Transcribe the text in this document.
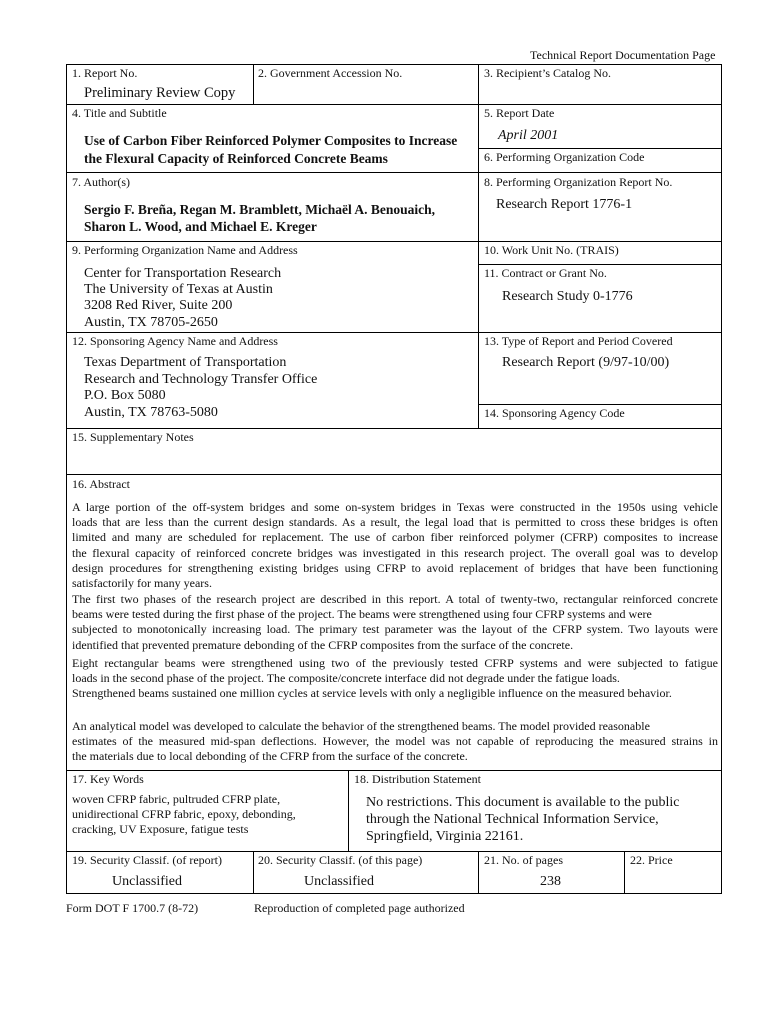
Technical Report Documentation Page
1. Report No.
Preliminary Review Copy
2. Government Accession No.	3. Recipient’s Catalog No.
4. Title and Subtitle
Use of Carbon Fiber Reinforced Polymer Composites to Increase
the Flexural Capacity of Reinforced Concrete Beams
5. Report Date
April 2001
6. Performing Organization Code
7. Author(s)
Sergio F. Breña, Regan M. Bramblett, Michaël A. Benouaich,
Sharon L. Wood, and Michael E. Kreger
8. Performing Organization Report No.
Research Report 1776-1
9. Performing Organization Name and Address
Center for Transportation Research
The University of Texas at Austin
3208 Red River, Suite 200
Austin, TX 78705-2650
10. Work Unit No. (TRAIS)
11. Contract or Grant No.
Research Study 0-1776
12. Sponsoring Agency Name and Address
Texas Department of Transportation
Research and Technology Transfer Office
P.O. Box 5080
Austin, TX 78763-5080
13. Type of Report and Period Covered
Research Report (9/97-10/00)
14. Sponsoring Agency Code
15. Supplementary Notes
16. Abstract
A large portion of the off-system bridges and some on-system bridges in Texas were constructed in the 1950s using vehicle
loads that are less than the current design standards. As a result, the legal load that is permitted to cross these bridges is often
limited and many are scheduled for replacement. The use of carbon fiber reinforced polymer (CFRP) composites to increase
the flexural capacity of reinforced concrete bridges was investigated in this research project. The overall goal was to develop
design procedures for strengthening existing bridges using CFRP to avoid replacement of bridges that have been functioning
satisfactorily for many years.
The first two phases of the research project are described in this report. A total of twenty-two, rectangular reinforced concrete
beams were tested during the first phase of the project. The beams were strengthened using four CFRP systems and were
subjected to monotonically increasing load. The primary test parameter was the layout of the CFRP system. Two layouts were
identified that prevented premature debonding of the CFRP composites from the surface of the concrete.
Eight rectangular beams were strengthened using two of the previously tested CFRP systems and were subjected to fatigue
loads in the second phase of the project. The composite/concrete interface did not degrade under the fatigue loads.
Strengthened beams sustained one million cycles at service levels with only a negligible influence on the measured behavior.
An analytical model was developed to calculate the behavior of the strengthened beams. The model provided reasonable
estimates of the measured mid-span deflections. However, the model was not capable of reproducing the measured strains in
the materials due to local debonding of the CFRP from the surface of the concrete.
17. Key Words
woven CFRP fabric, pultruded CFRP plate,
unidirectional CFRP fabric, epoxy, debonding,
cracking, UV Exposure, fatigue tests
18. Distribution Statement
No restrictions. This document is available to the public
through the National Technical Information Service,
Springfield, Virginia 22161.
19. Security Classif. (of report)
Unclassified
20. Security Classif. (of this page)
Unclassified
21. No. of pages
238
22. Price
Form DOT F 1700.7 (8-72)	Reproduction of completed page authorized
